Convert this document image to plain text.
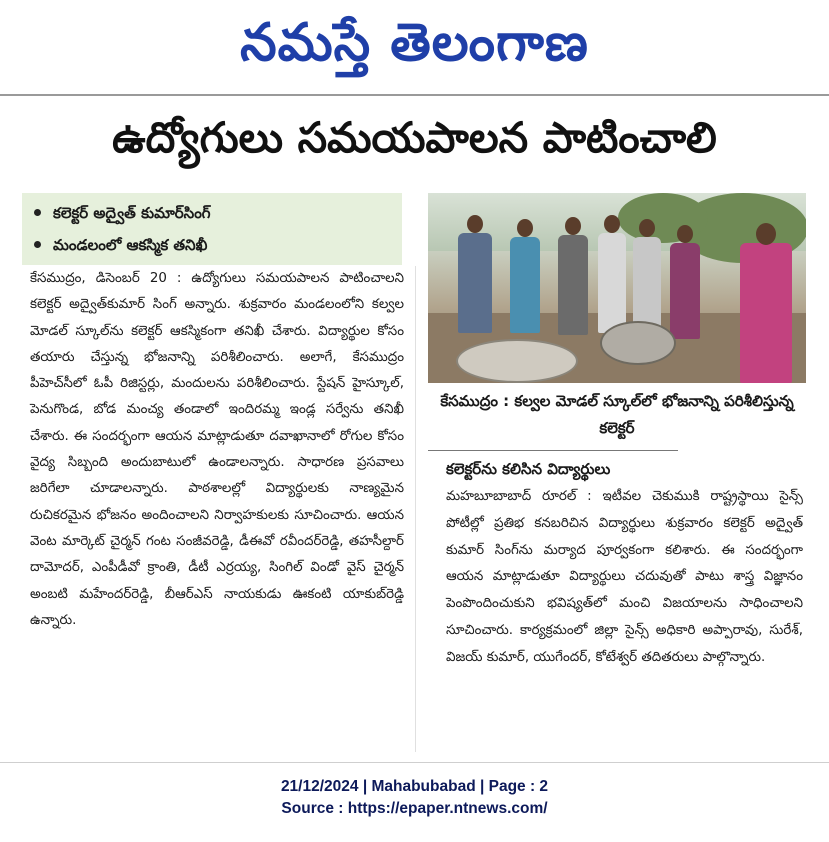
నమస్తే తెలంగాణ
ఉద్యోగులు సమయపాలన పాటించాలి
కలెక్టర్ అద్వైత్ కుమార్‌సింగ్
మండలంలో ఆకస్మిక తనిఖీ
కేసముద్రం, డిసెంబర్ 20 : ఉద్యోగులు సమయపాలన పాటించాలని కలెక్టర్ అద్వైత్‌కుమార్ సింగ్ అన్నారు. శుక్రవారం మండలంలోని కల్వల మోడల్ స్కూల్‌ను కలెక్టర్ ఆకస్మికంగా తనిఖీ చేశారు. విద్యార్థుల కోసం తయారు చేస్తున్న భోజనాన్ని పరిశీలించారు. అలాగే, కేసముద్రం పీహెచ్‌సీలో ఓపీ రిజిస్టర్లు, మందులను పరిశీలించారు. స్టేషన్ హైస్కూల్, పెనుగొండ, బోడ మంచ్య తండాలో ఇందిరమ్మ ఇండ్ల సర్వేను తనిఖీ చేశారు. ఈ సందర్భంగా ఆయన మాట్లాడుతూ దవాఖానాలో రోగుల కోసం వైద్య సిబ్బంది అందుబాటులో ఉండాలన్నారు. సాధారణ ప్రసవాలు జరిగేలా చూడాలన్నారు. పాఠశాలల్లో విద్యార్థులకు నాణ్యమైన రుచికరమైన భోజనం అందించాలని నిర్వాహకులకు సూచించారు. ఆయన వెంట మార్కెట్ చైర్మన్ గంట సంజీవరెడ్డి, డీఈవో రవీందర్‌రెడ్డి, తహసీల్దార్ దామోదర్, ఎంపీడీవో క్రాంతి, డీటీ ఎర్రయ్య, సింగిల్ విండో వైస్ చైర్మన్ అంబటి మహేందర్‌రెడ్డి, బీఆర్‌ఎస్ నాయకుడు ఊకంటి యాకుబ్‌రెడ్డి ఉన్నారు.
కేసముద్రం : కల్వల మోడల్ స్కూల్‌లో భోజనాన్ని పరిశీలిస్తున్న కలెక్టర్
కలెక్టర్‌ను కలిసిన విద్యార్థులు
మహబూబాబాద్ రూరల్ : ఇటీవల చెకుముకి రాష్ట్రస్థాయి సైన్స్ పోటీల్లో ప్రతిభ కనబరిచిన విద్యార్థులు శుక్రవారం కలెక్టర్ అద్వైత్ కుమార్ సింగ్‌ను మర్యాద పూర్వకంగా కలిశారు. ఈ సందర్భంగా ఆయన మాట్లాడుతూ విద్యార్థులు చదువుతో పాటు శాస్త్ర విజ్ఞానం పెంపొందించుకుని భవిష్యత్‌లో మంచి విజయాలను సాధించాలని సూచించారు. కార్యక్రమంలో జిల్లా సైన్స్ అధికారి అప్పారావు, సురేశ్, విజయ్ కుమార్, యుగేందర్, కోటేశ్వర్ తదితరులు పాల్గొన్నారు.
21/12/2024 | Mahabubabad | Page : 2
Source : https://epaper.ntnews.com/
